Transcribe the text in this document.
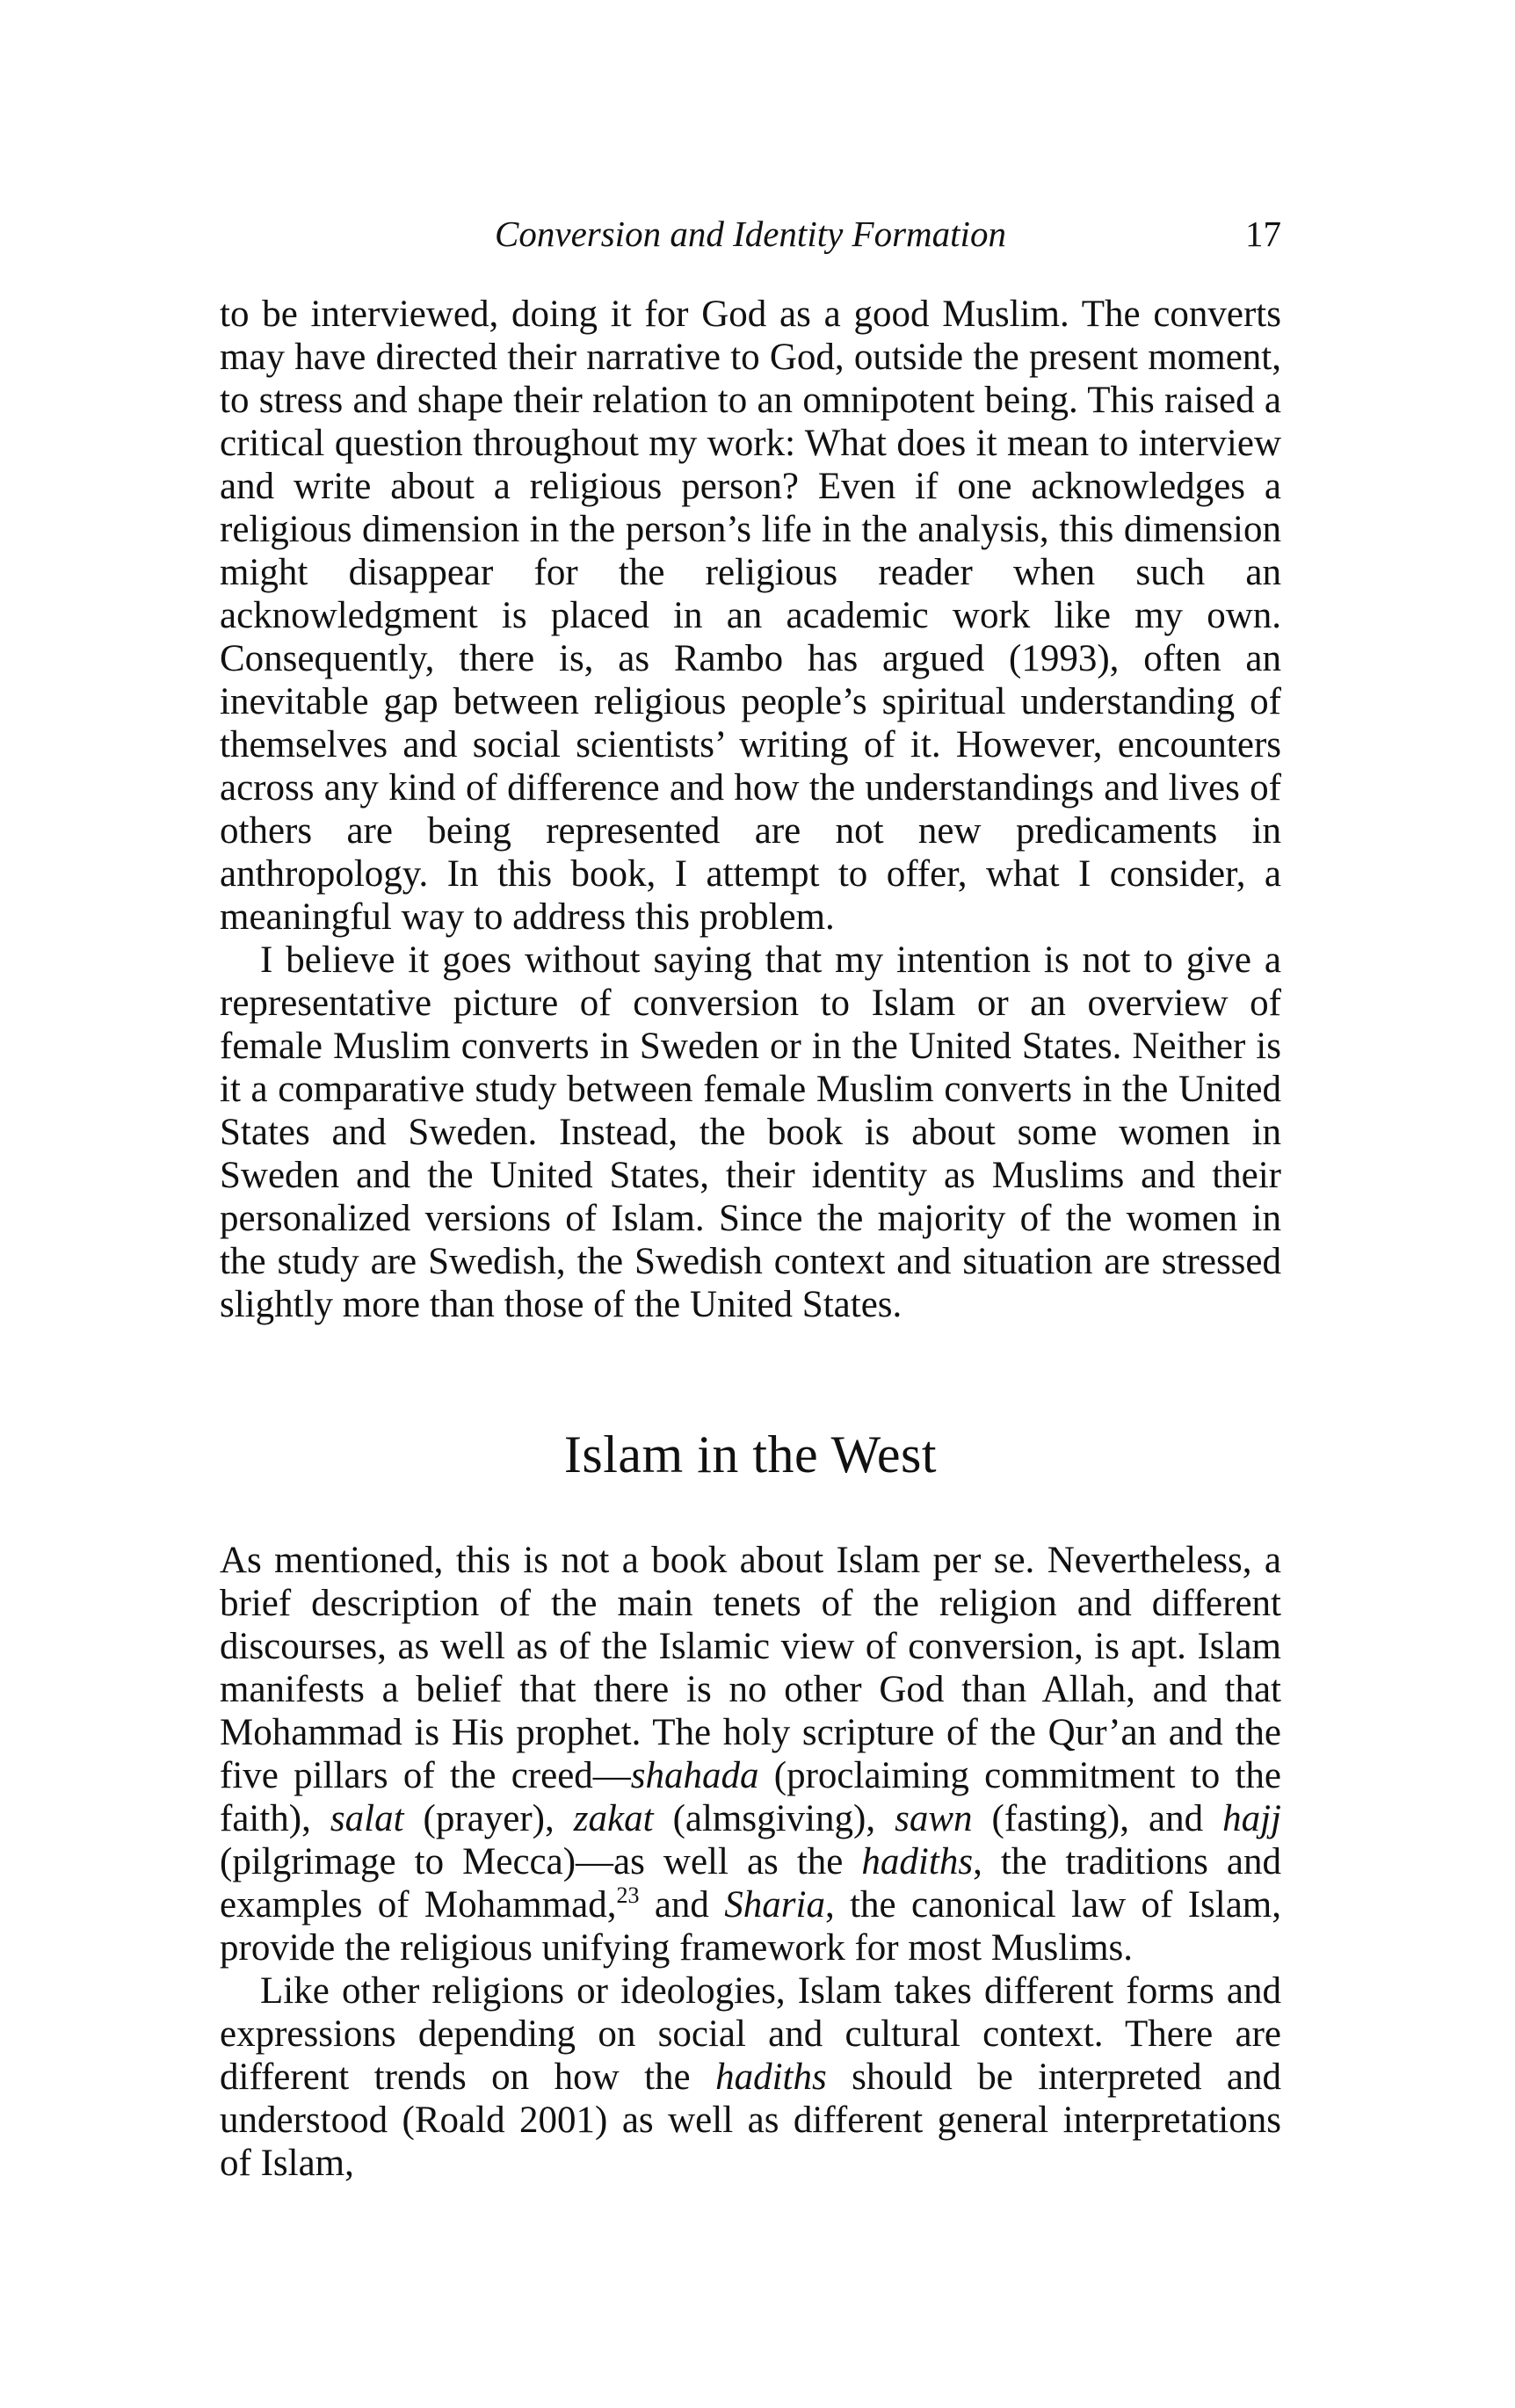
Conversion and Identity Formation	17

to be interviewed, doing it for God as a good Muslim. The converts may have directed their narrative to God, outside the present moment, to stress and shape their relation to an omnipotent being. This raised a critical question throughout my work: What does it mean to interview and write about a religious person? Even if one acknowledges a religious dimension in the person’s life in the analysis, this dimension might disappear for the religious reader when such an acknowledgment is placed in an academic work like my own. Consequently, there is, as Rambo has argued (1993), often an inevitable gap between religious people’s spiritual understanding of themselves and social scientists’ writing of it. However, encounters across any kind of difference and how the understandings and lives of others are being represented are not new predicaments in anthropology. In this book, I attempt to offer, what I consider, a meaningful way to address this problem.

I believe it goes without saying that my intention is not to give a representative picture of conversion to Islam or an overview of female Muslim converts in Sweden or in the United States. Neither is it a comparative study between female Muslim converts in the United States and Sweden. Instead, the book is about some women in Sweden and the United States, their identity as Muslims and their personalized versions of Islam. Since the majority of the women in the study are Swedish, the Swedish context and situation are stressed slightly more than those of the United States.

Islam in the West

As mentioned, this is not a book about Islam per se. Nevertheless, a brief description of the main tenets of the religion and different discourses, as well as of the Islamic view of conversion, is apt. Islam manifests a belief that there is no other God than Allah, and that Mohammad is His prophet. The holy scripture of the Qur’an and the five pillars of the creed—shahada (proclaiming commitment to the faith), salat (prayer), zakat (almsgiving), sawn (fasting), and hajj (pilgrimage to Mecca)—as well as the hadiths, the traditions and examples of Mohammad,$^{23}$ and Sharia, the canonical law of Islam, provide the religious unifying framework for most Muslims.

Like other religions or ideologies, Islam takes different forms and expressions depending on social and cultural context. There are different trends on how the hadiths should be interpreted and understood (Roald 2001) as well as different general interpretations of Islam,
